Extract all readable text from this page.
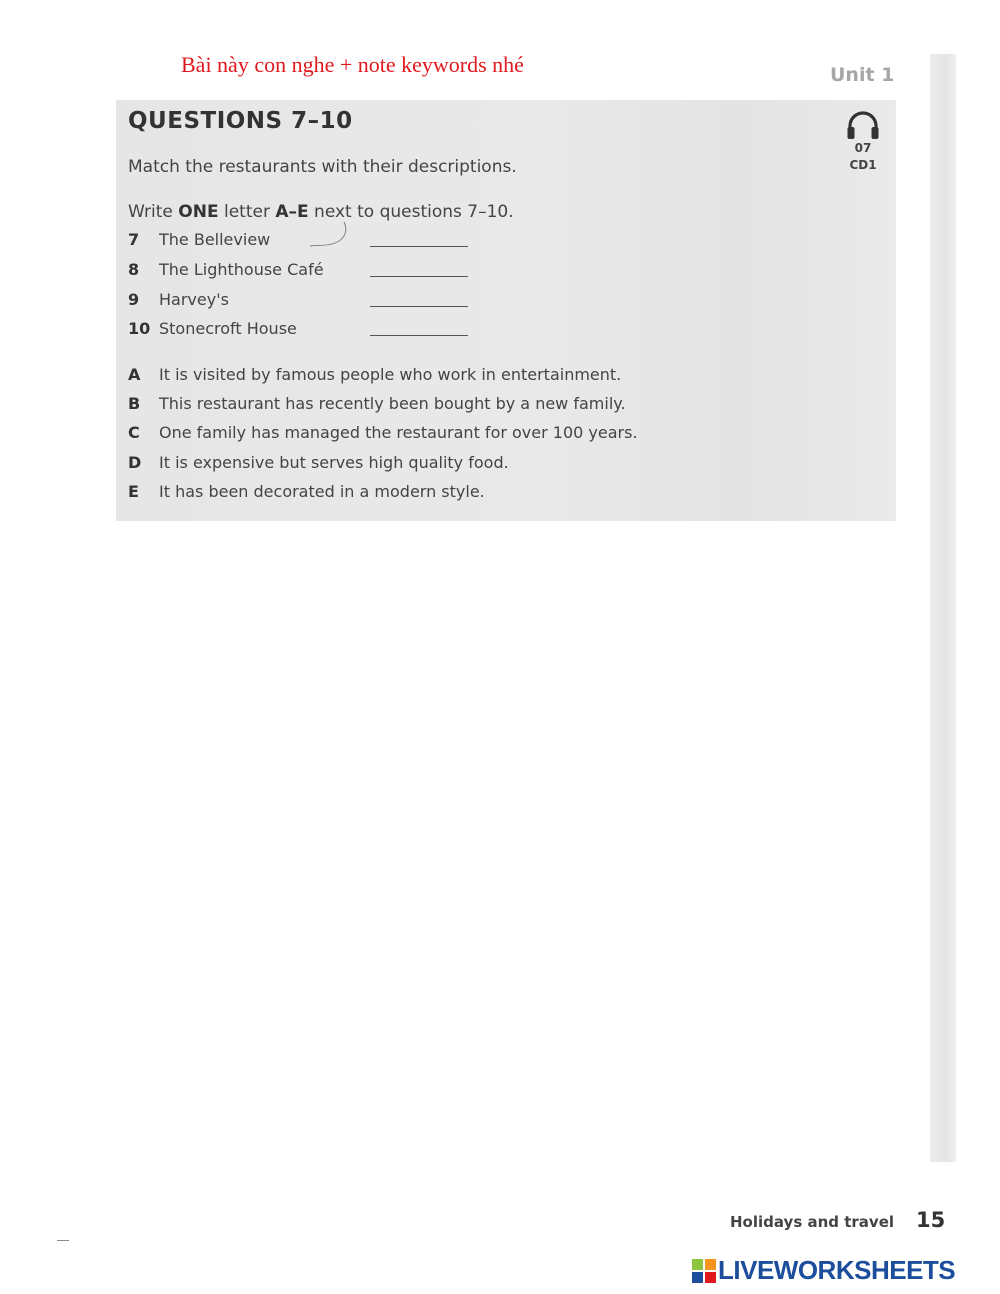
Bài này con nghe + note keywords nhé	Unit 1
QUESTIONS 7–10
Match the restaurants with their descriptions.
Write ONE letter A–E next to questions 7–10.
07
CD1
7 The Belleview
8 The Lighthouse Café
9 Harvey's
10 Stonecroft House
A It is visited by famous people who work in entertainment.
B This restaurant has recently been bought by a new family.
C One family has managed the restaurant for over 100 years.
D It is expensive but serves high quality food.
E It has been decorated in a modern style.
Holidays and travel 15
LIVEWORKSHEETS
